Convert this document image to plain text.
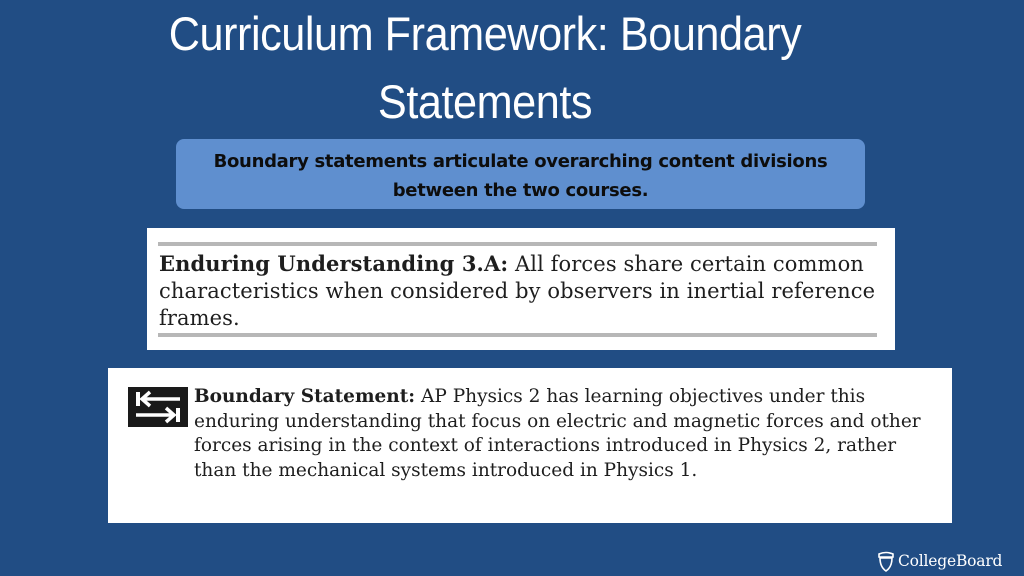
Curriculum Framework: Boundary
Statements
Boundary statements articulate overarching content divisions between the two courses.
Enduring Understanding 3.A: All forces share certain common characteristics when considered by observers in inertial reference frames.
Boundary Statement: AP Physics 2 has learning objectives under this enduring understanding that focus on electric and magnetic forces and other forces arising in the context of interactions introduced in Physics 2, rather than the mechanical systems introduced in Physics 1.
CollegeBoard
